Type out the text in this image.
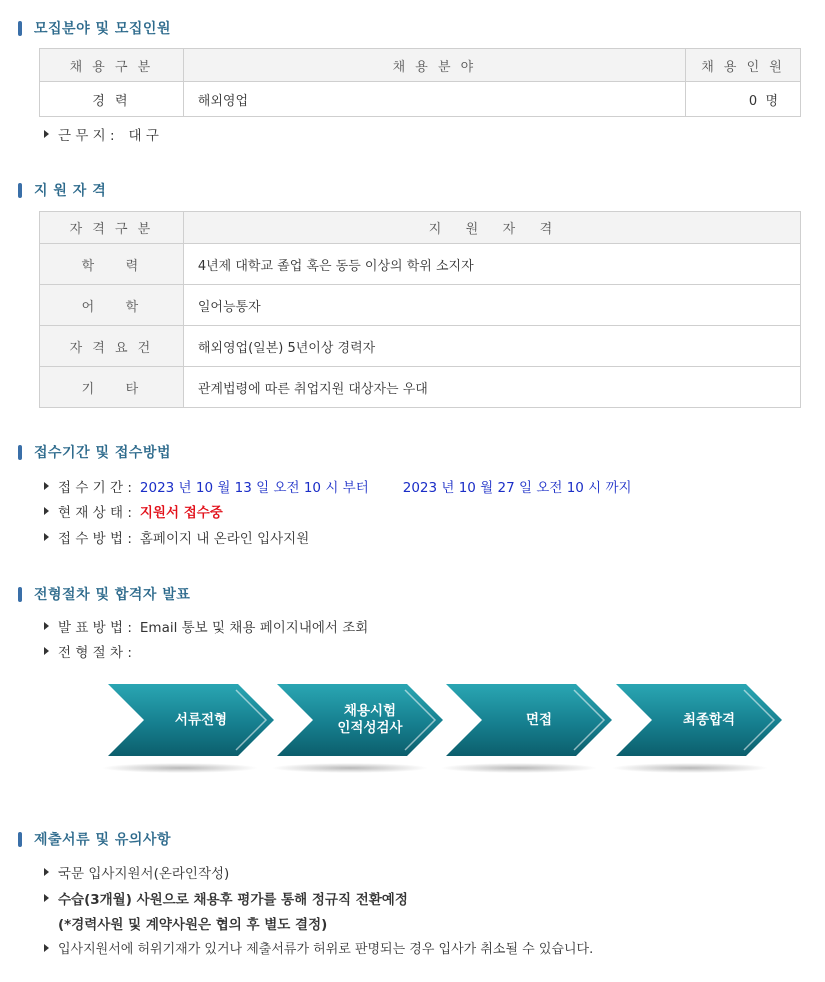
모집분야 및 모집인원
채 용 구 분	채 용 분 야	채 용 인 원
경 력	해외영업	0  명
근 무 지 : 대 구
지 원 자 격
자 격 구 분	지   원   자   격
학    력	4년제 대학교 졸업 혹은 동등 이상의 학위 소지자
어    학	일어능통자
자 격 요 건	해외영업(일본) 5년이상 경력자
기    타	관계법령에 따른 취업지원 대상자는 우대
접수기간 및 접수방법
접 수 기 간 : 2023 년 10 월 13 일 오전 10 시 부터	2023 년 10 월 27 일 오전 10 시 까지
현 재 상 태 : 지원서 접수중
접 수 방 법 : 홈페이지 내 온라인 입사지원
전형절차 및 합격자 발표
발 표 방 법 : Email 통보 및 채용 페이지내에서 조회
전 형 절 차 :
서류전형
채용시험
인적성검사	면접	최종합격
제출서류 및 유의사항
국문 입사지원서(온라인작성)
수습(3개월) 사원으로 채용후 평가를 통해 정규직 전환예정
(*경력사원 및 계약사원은 협의 후 별도 결정)
입사지원서에 허위기재가 있거나 제출서류가 허위로 판명되는 경우 입사가 취소될 수 있습니다.
